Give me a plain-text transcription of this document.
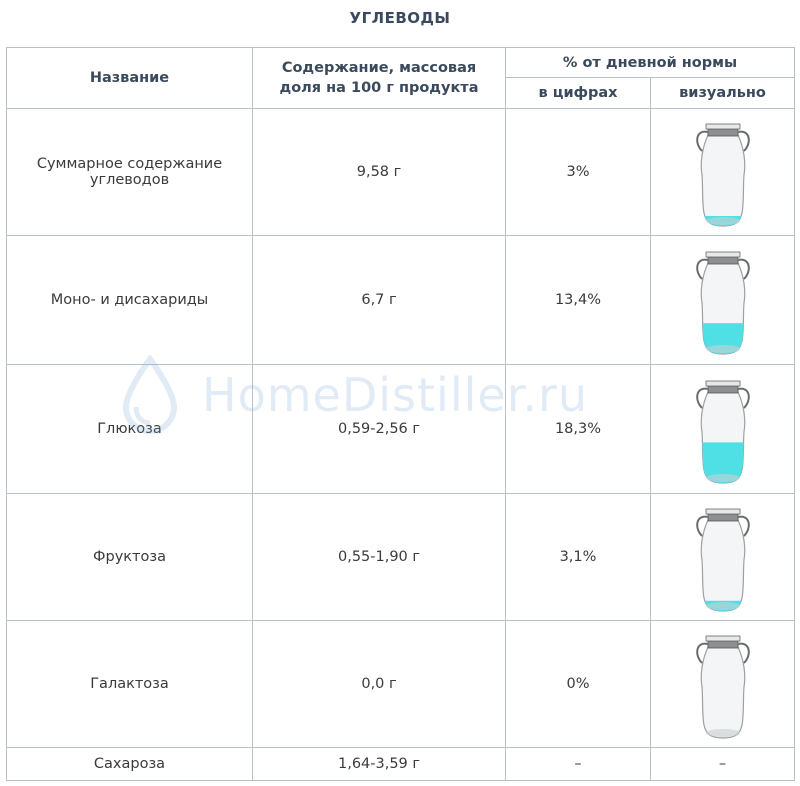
УГЛЕВОДЫ
Название	Содержание, массовая доля на 100 г продукта	% от дневной нормы	
		в цифрах	визуально
Суммарное содержание углеводов	9,58 г	3%	

Моно- и дисахариды	6,7 г	13,4%	

Глюкоза	0,59-2,56 г	18,3%	

Фруктоза	0,55-1,90 г	3,1%	

Галактоза	0,0 г	0%	

Сахароза	1,64-3,59 г	–	–
HomeDistiller.ru
